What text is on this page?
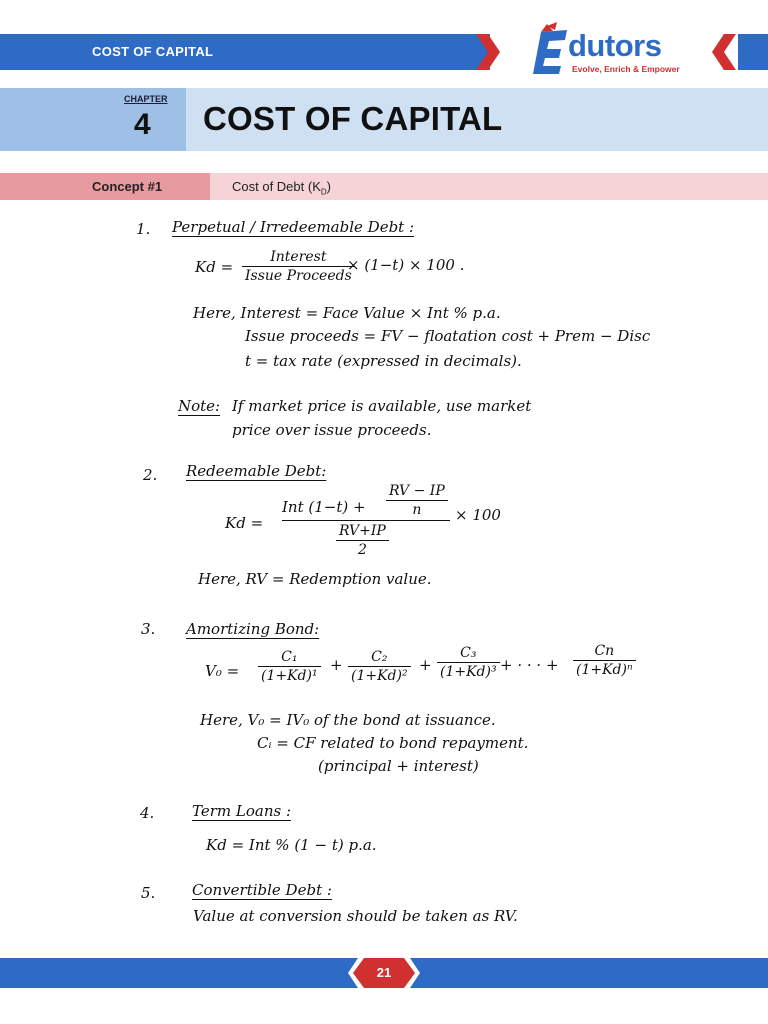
COST OF CAPITAL	dutors
Evolve, Enrich & Empower
CHAPTER
4 COST OF CAPITAL
Concept #1	Cost of Debt $(K_D)$
1. Perpetual / Irredeemable Debt :
Kd =
Interest
Issue Proceeds
× (1−t) × 100 .
Here, Interest = Face Value × Int % p.a.
Issue proceeds = FV − floatation cost + Prem − Disc
t = tax rate (expressed in decimals).
Note: If market price is available, use market
price over issue proceeds.
2. Redeemable Debt:
Kd =
Int $(1-t) + \frac{RV - IP}{n}$
$\frac{RV+IP}{2}$
× 100
Here, RV = Redemption value.
3. Amortizing Bond:
$V_0 = \frac{\text{C₁}}{\text{(1+Kd)¹}} + \frac{\text{C₂}}{\text{(1+Kd)²}} + \frac{\text{C₃}}{\text{(1+Kd)³}}$ + · · · + $\frac{Cn}{\text{(1+Kd)ⁿ}}$
Here, V₀ = IV₀ of the bond at issuance.
Cᵢ = CF related to bond repayment.
(principal + interest)
4.	Term Loans :
Kd = Int % (1 − t) p.a.
5. Convertible Debt :
Value at conversion should be taken as RV.
21
